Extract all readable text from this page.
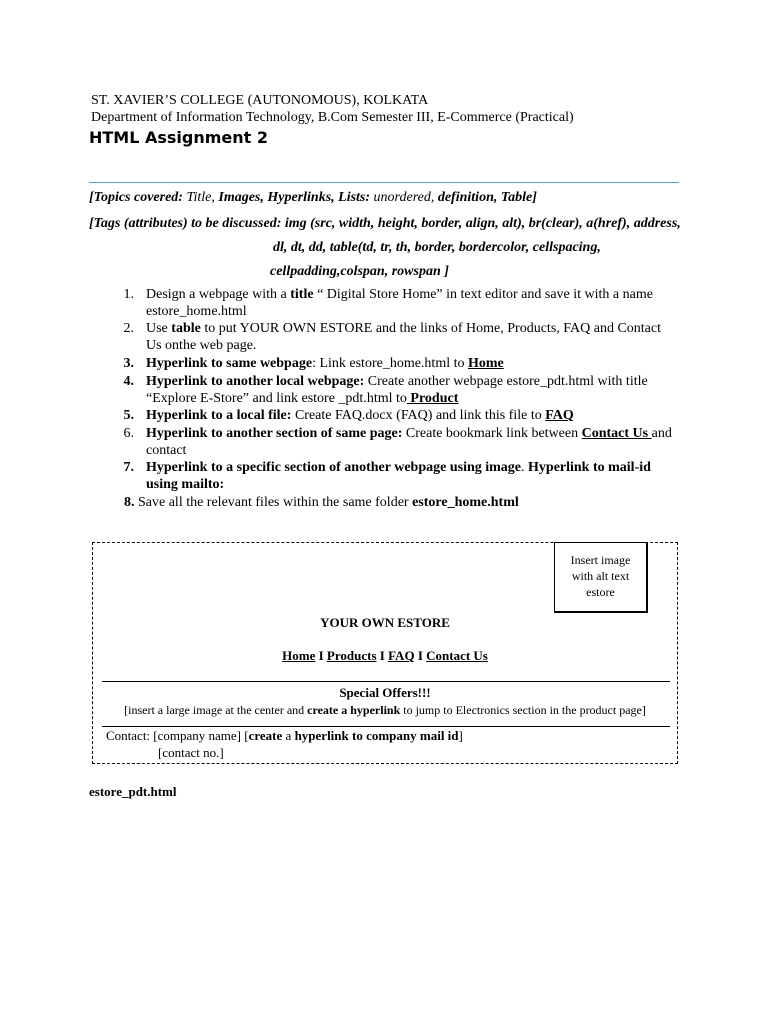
ST. XAVIER’S COLLEGE (AUTONOMOUS), KOLKATA
Department of Information Technology, B.Com Semester III, E-Commerce (Practical)
HTML Assignment 2
[Topics covered: Title, Images, Hyperlinks, Lists: unordered, definition, Table]
[Tags (attributes) to be discussed: img (src, width, height, border, align, alt), br(clear), a(href), address,
dl, dt, dd, table(td, tr, th, border, bordercolor, cellspacing,
cellpadding,colspan, rowspan ]
1. Design a webpage with a title “ Digital Store Home” in text editor and save it with a name
estore_home.html
2. Use table to put YOUR OWN ESTORE and the links of Home, Products, FAQ and Contact
Us onthe web page.
3. Hyperlink to same webpage: Link estore_home.html to Home
4. Hyperlink to another local webpage: Create another webpage estore_pdt.html with title
“Explore E-Store” and link estore _pdt.html to Product
5. Hyperlink to a local file: Create FAQ.docx (FAQ) and link this file to FAQ
6. Hyperlink to another section of same page: Create bookmark link between Contact Us and
contact
7. Hyperlink to a specific section of another webpage using image. Hyperlink to mail-id
using mailto:
8. Save all the relevant files within the same folder estore_home.html
Insert image
with alt text
estore
YOUR OWN ESTORE
Home I Products I FAQ I Contact Us
Special Offers!!!
[insert a large image at the center and create a hyperlink to jump to Electronics section in the product page]
Contact: [company name] [create a hyperlink to company mail id]
[contact no.]
estore_pdt.html
